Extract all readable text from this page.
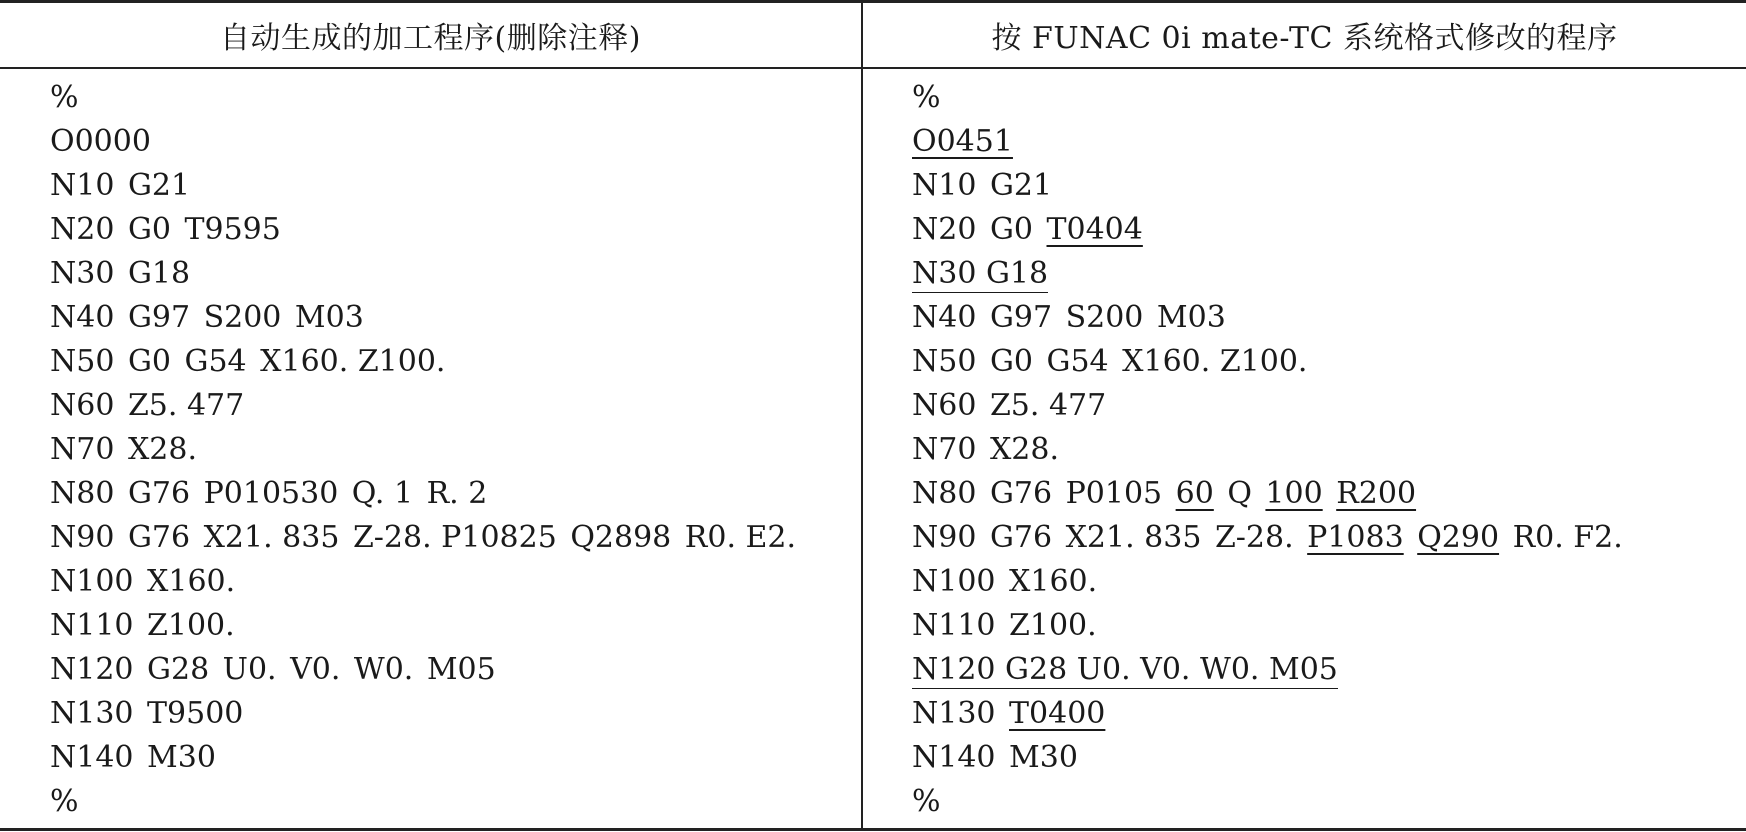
自动生成的加工程序(删除注释)	按 FUNAC 0i mate-TC 系统格式修改的程序
%
O0000
N10 G21
N20 G0 T9595
N30 G18
N40 G97 S200 M03
N50 G0 G54 X160. Z100.
N60 Z5. 477
N70 X28.
N80 G76 P010530 Q. 1 R. 2
N90 G76 X21. 835 Z-28. P10825 Q2898 R0. E2.
N100 X160.
N110 Z100.
N120 G28 U0. V0. W0. M05
N130 T9500
N140 M30
%
%
O0451
N10 G21
N20 G0 T0404
N30 G18
N40 G97 S200 M03
N50 G0 G54 X160. Z100.
N60 Z5. 477
N70 X28.
N80 G76 P0105 60 Q 100 R200
N90 G76 X21. 835 Z-28. P1083 Q290 R0. F2.
N100 X160.
N110 Z100.
N120 G28 U0. V0. W0. M05
N130 T0400
N140 M30
%
